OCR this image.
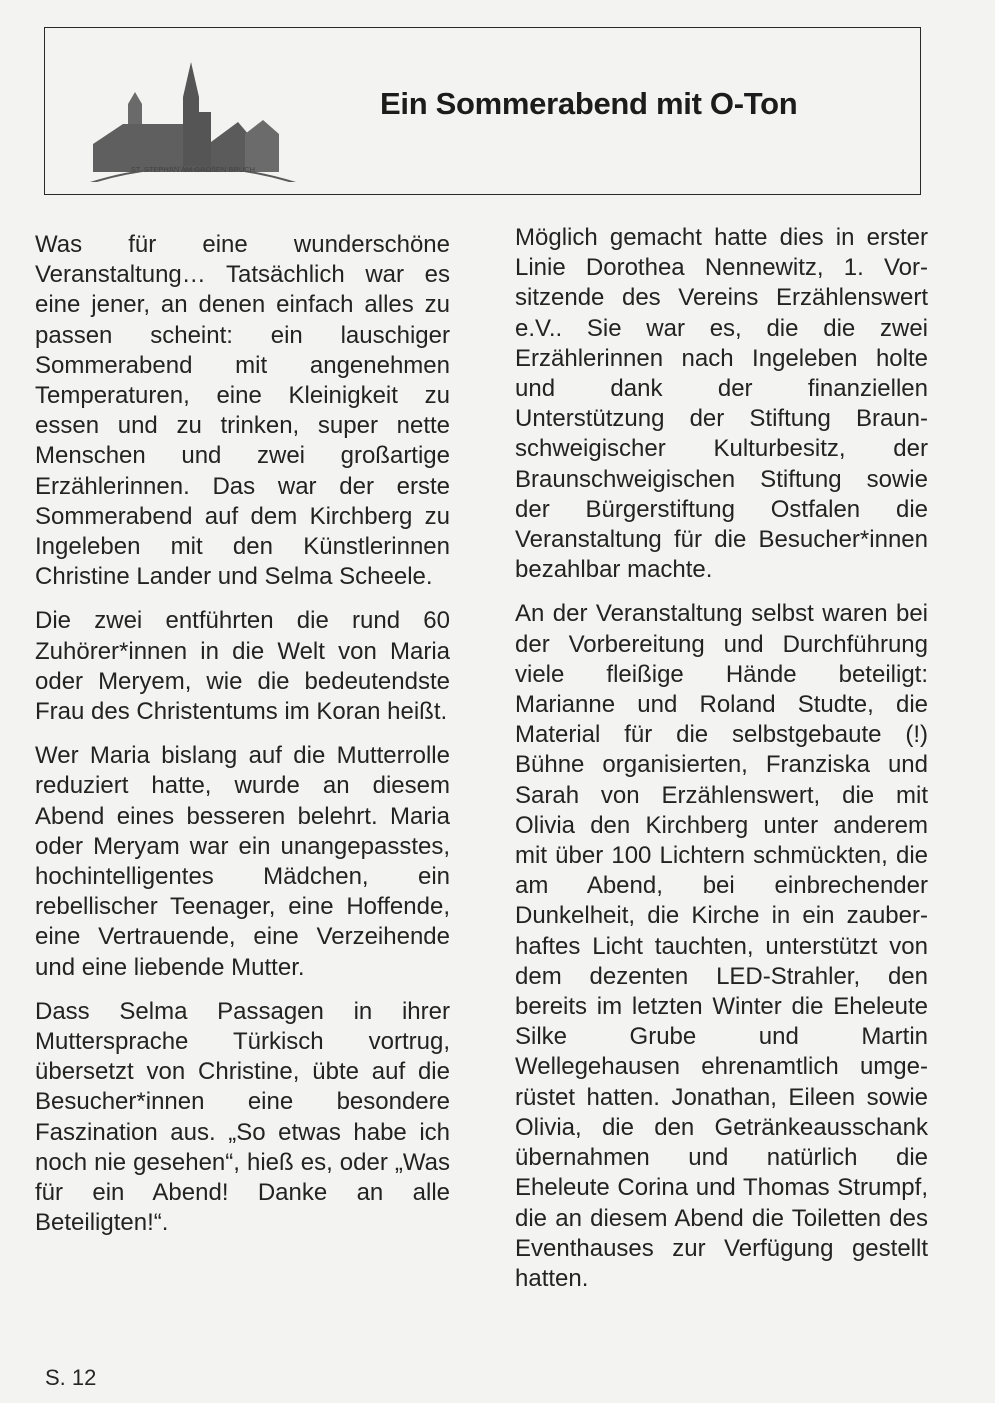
ST. STEPHAN AM GROßEN BRUCH
Ein Sommerabend mit O-Ton

Was für eine wunderschöne Veranstaltung… Tatsächlich war es eine jener, an denen einfach alles zu passen scheint: ein lauschiger Sommerabend mit angenehmen Temperaturen, eine Kleinigkeit zu essen und zu trinken, super nette Menschen und zwei großartige Erzählerinnen. Das war der erste Sommerabend auf dem Kirchberg zu Ingeleben mit den Künstlerinnen Christine Lander und Selma Scheele.

Die zwei entführten die rund 60 Zuhörer*innen in die Welt von Maria oder Meryem, wie die bedeutendste Frau des Christentums im Koran heißt.

Wer Maria bislang auf die Mutterrolle reduziert hatte, wurde an diesem Abend eines besseren belehrt. Maria oder Meryam war ein unangepasstes, hochintelligentes Mädchen, ein rebellischer Teenager, eine Hoffende, eine Vertrauende, eine Verzeihende und eine liebende Mutter.

Dass Selma Passagen in ihrer Muttersprache Türkisch vortrug, übersetzt von Christine, übte auf die Besucher*innen eine besondere Faszination aus. „So etwas habe ich noch nie gesehen“, hieß es, oder „Was für ein Abend! Danke an alle Beteiligten!“.

Möglich gemacht hatte dies in erster Linie Dorothea Nennewitz, 1. Vorsitzende des Vereins Erzählenswert e.V.. Sie war es, die die zwei Erzählerinnen nach Ingeleben holte und dank der finanziellen Unterstützung der Stiftung Braunschweigischer Kulturbesitz, der Braunschweigischen Stiftung sowie der Bürgerstiftung Ostfalen die Veranstaltung für die Besucher*innen bezahlbar machte.

An der Veranstaltung selbst waren bei der Vorbereitung und Durchführung viele fleißige Hände beteiligt: Marianne und Roland Studte, die Material für die selbstgebaute (!) Bühne organisierten, Franziska und Sarah von Erzählenswert, die mit Olivia den Kirchberg unter anderem mit über 100 Lichtern schmückten, die am Abend, bei einbrechender Dunkelheit, die Kirche in ein zauberhaftes Licht tauchten, unterstützt von dem dezenten LED-Strahler, den bereits im letzten Winter die Eheleute Silke Grube und Martin Wellegehausen ehrenamtlich umgerüstet hatten. Jonathan, Eileen sowie Olivia, die den Getränkeausschank übernahmen und natürlich die Eheleute Corina und Thomas Strumpf, die an diesem Abend die Toiletten des Eventhauses zur Verfügung gestellt hatten.

S. 12
